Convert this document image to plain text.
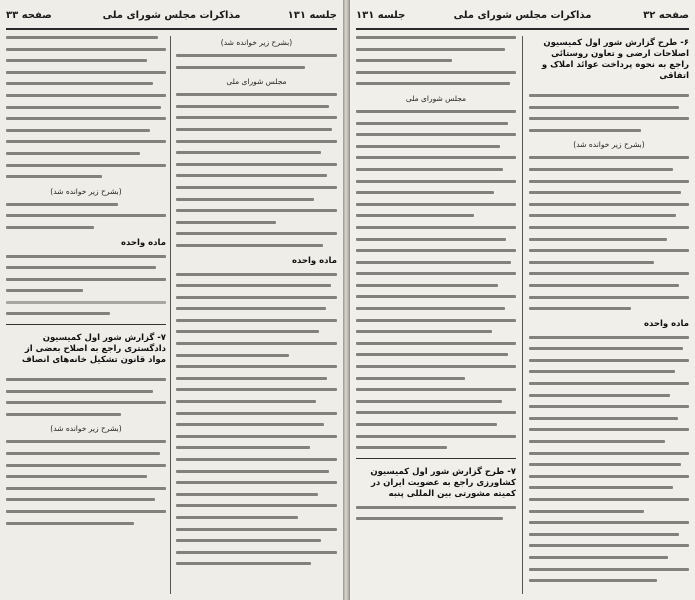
صفحه ۳۳	مذاکرات مجلس شورای ملی	جلسه ۱۳۱
(بشرح زیر خوانده شد)
ماده واحده
۷- گزارش شور اول کمیسیون دادگستری راجع به اصلاح بعضی از مواد قانون تشکیل خانه‌های انصاف
(بشرح زیر خوانده شد)
(بشرح زیر خوانده شد)
مجلس شورای ملی
ماده واحده
صفحه ۳۲
مذاکرات مجلس شورای ملی
جلسه ۱۳۱
مجلس شورای ملی
۷- طرح گزارش شور اول کمیسیون کشاورزی راجع به عضویت ایران در کمیته مشورتی بین المللی پنبه
۶- طرح گزارش شور اول کمیسیون اصلاحات ارضی و تعاون روستائی راجع به نحوه پرداخت عوائد املاک و اتفاقی
(بشرح زیر خوانده شد)
ماده واحده
